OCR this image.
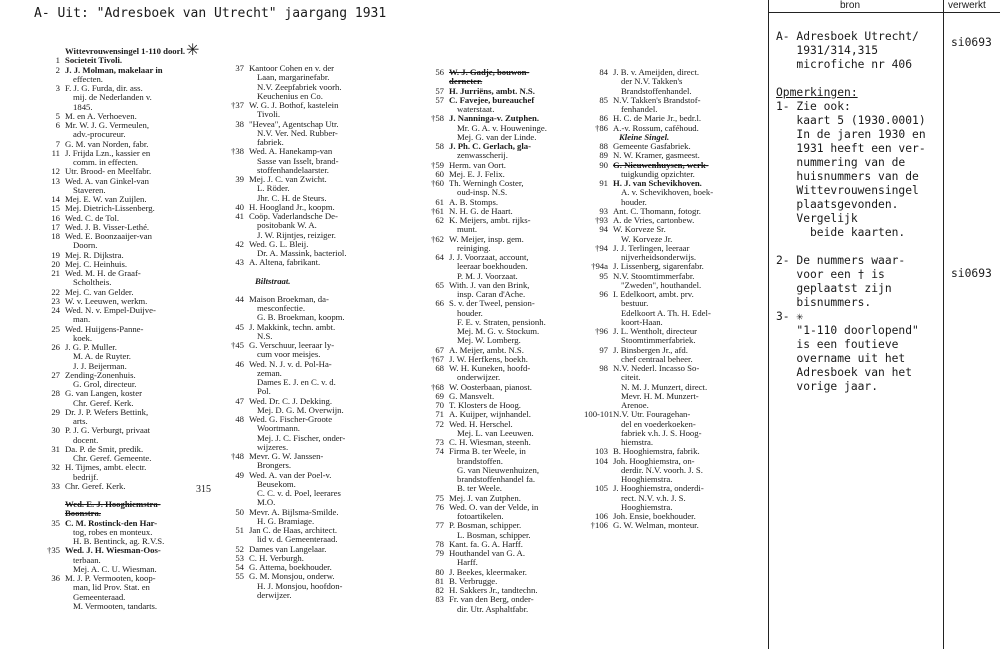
A- Uit: "Adresboek van Utrecht" jaargang 1931
✳
315
Wittevrouwensingel 1-110 doorl.
1 Societeit Tivoli.
2 J. J. Molman, makelaar in
effecten.
3 F. J. G. Furda, dir. ass.
mij. de Nederlanden v.
1845.
5 M. en A. Verhoeven.
6 Mr. W. J. G. Vermeulen,
adv.-procureur.
7 G. M. van Norden, fabr.
11 J. Frijda Lzn., kassier en
comm. in effecten.
12 Utr. Brood- en Meelfabr.
13 Wed. A. van Ginkel-van
Staveren.
14 Mej. E. W. van Zuijlen.
15 Mej. Dietrich-Lissenberg.
16 Wed. C. de Tol.
17 Wed. J. B. Visser-Lethé.
18 Wed. E. Boonzaaijer-van
Doorn.
19 Mej. R. Dijkstra.
20 Mej. C. Heinhuis.
21 Wed. M. H. de Graaf-
Scholtheis.
22 Mej. C. van Gelder.
23 W. v. Leeuwen, werkm.
24 Wed. N. v. Empel-Duijve-
man.
25 Wed. Huijgens-Panne-
koek.
26 J. G. P. Muller.
M. A. de Ruyter.
J. J. Beijerman.
27 Zending-Zonenhuis.
G. Grol, directeur.
28 G. van Langen, koster
Chr. Geref. Kerk.
29 Dr. J. P. Wefers Bettink,
arts.
30 P. J. G. Verburgt, privaat
docent.
31 Da. P. de Smit, predik.
Chr. Geref. Gemeente.
32 H. Tijmes, ambt. electr.
bedrijf.
33 Chr. Geref. Kerk.
Wed. E. J. Hooghiemstra-
Boonstra.
35 C. M. Rostinck-den Har-
tog, robes en monteux.
H. B. Bentinck, ag. R.V.S.
†35 Wed. J. H. Wiesman-Oos-
terbaan.
Mej. A. C. U. Wiesman.
36 M. J. P. Vermooten, koop-
man, lid Prov. Stat. en
Gemeenteraad.
M. Vermooten, tandarts.
37 Kantoor Cohen en v. der
Laan, margarinefabr.
N.V. Zeepfabriek voorh.
Keuchenius en Co.
†37 W. G. J. Bothof, kastelein
Tivoli.
38 "Hevea", Agentschap Utr.
N.V. Ver. Ned. Rubber-
fabriek.
†38 Wed. A. Hanekamp-van
Sasse van Isselt, brand-
stoffenhandelaarster.
39 Mej. J. C. van Zwicht.
L. Röder.
Jhr. C. H. de Steurs.
40 H. Hoogland Jr., koopm.
41 Coöp. Vaderlandsche De-
positobank W. A.
J. W. Rijntjes, reiziger.
42 Wed. G. L. Bleij.
Dr. A. Massink, bacteriol.
43 A. Altena, fabrikant.
Biltstraat.
44 Maison Broekman, da-
mesconfectie.
G. B. Broekman, koopm.
45 J. Makkink, techn. ambt.
N.S.
†45 G. Verschuur, leeraar ly-
cum voor meisjes.
46 Wed. N. J. v. d. Pol-Ha-
zeman.
Dames E. J. en C. v. d.
Pol.
47 Wed. Dr. C. J. Dekking.
Mej. D. G. M. Overwijn.
48 Wed. G. Fischer-Groote
Woortmann.
Mej. J. C. Fischer, onder-
wijzeres.
†48 Mevr. G. W. Janssen-
Brongers.
49 Wed. A. van der Poel-v.
Beusekom.
C. C. v. d. Poel, leerares
M.O.
50 Mevr. A. Bijlsma-Smilde.
H. G. Bramiage.
51 Jan C. de Haas, architect.
lid v. d. Gemeenteraad.
52 Dames van Langelaar.
53 C. H. Verburgh.
54 G. Attema, boekhouder.
55 G. M. Monsjou, onderw.
H. J. Monsjou, hoofdon-
derwijzer.
56 W. J. Gadje, bouwon-
derneter.
57 H. Jurriëns, ambt. N.S.
57 C. Favejee, bureauchef
waterstaat.
†58 J. Nanninga-v. Zutphen.
Mr. G. A. v. Houweninge.
Mej. G. van der Linde.
58 J. Ph. C. Gerlach, gla-
zenwasscherij.
†59 Herm. van Oort.
60 Mej. E. J. Felix.
†60 Th. Werningh Coster,
oud-insp. N.S.
61 A. B. Stomps.
†61 N. H. G. de Haart.
62 K. Meijers, ambt. rijks-
munt.
†62 W. Meijer, insp. gem.
reiniging.
64 J. J. Voorzaat, account,
leeraar boekhouden.
P. M. J. Voorzaat.
65 With. J. van den Brink,
insp. Caran d'Ache.
66 S. v. der Tweel, pension-
houder.
F. E. v. Straten, pensionh.
Mej. M. G. v. Stockum.
Mej. W. Lomberg.
67 A. Meijer, ambt. N.S.
†67 J. W. Herfkens, boekh.
68 W. H. Kuneken, hoofd-
onderwijzer.
†68 W. Oosterbaan, pianost.
69 G. Mansvelt.
70 T. Klosters de Hoog.
71 A. Kuijper, wijnhandel.
72 Wed. H. Herschel.
Mej. L. van Leeuwen.
73 C. H. Wiesman, steenh.
74 Firma B. ter Weele, in
brandstoffen.
G. van Nieuwenhuizen,
brandstoffenhandel fa.
B. ter Weele.
75 Mej. J. van Zutphen.
76 Wed. O. van der Velde, in
fotoartikelen.
77 P. Bosman, schipper.
L. Bosman, schipper.
78 Kant. fa. G. A. Harff.
79 Houthandel van G. A.
Harff.
80 J. Beekes, kleermaker.
81 B. Verbrugge.
82 H. Sakkers Jr., tandtechn.
83 Fr. van den Berg, onder-
dir. Utr. Asphaltfabr.
84 J. B. v. Ameijden, direct.
der N.V. Takken's
Brandstoffenhandel.
85 N.V. Takken's Brandstof-
fenhandel.
86 H. C. de Marie Jr., bedr.l.
†86 A.-v. Rossum, caféhoud.
Kleine Singel.
88 Gemeente Gasfabriek.
89 N. W. Kramer, gasmeest.
90 G. Nieuwenhuysen, werk-
tuigkundig opzichter.
91 H. J. van Schevikhoven.
A. v. Schevikhoven, boek-
houder.
93 Ant. C. Thomann, fotogr.
†93 A. de Vries, cartonbew.
94 W. Korveze Sr.
W. Korveze Jr.
†94 J. J. Terlingen, leeraar
nijverheidsonderwijs.
†94a J. Lissenberg, sigarenfabr.
95 N.V. Stoomtimmerfabr.
"Zweden", houthandel.
96 I. Edelkoort, ambt. prv.
bestuur.
Edelkoort A. Th. H. Edel-
koort-Haan.
†96 J. L. Wentholt, directeur
Stoomtimmerfabriek.
97 J. Binsbergen Jr., afd.
chef centraal beheer.
98 N.V. Nederl. Incasso So-
citeit.
N. M. J. Munzert, direct.
Mevr. H. M. Munzert-
Arenoe.
100-101 N.V. Utr. Fouragehan-
del en voederkoeken-
fabriek v.h. J. S. Hoog-
hiemstra.
103 B. Hooghiemstra, fabrik.
104 Joh. Hooghiemstra, on-
derdir. N.V. voorh. J. S.
Hooghiemstra.
105 J. Hooghiemstra, onderdi-
rect. N.V. v.h. J. S.
Hooghiemstra.
106 Joh. Ensie, boekhouder.
†106 G. W. Welman, monteur.
bron	verwerkt
A- Adresboek Utrecht/
1931/314,315
microfiche nr 406

Opmerkingen:
1- Zie ook:
kaart 5 (1930.0001)
In de jaren 1930 en
1931 heeft een ver-
nummering van de
huisnummers van de
Wittevrouwensingel
plaatsgevonden.
Vergelijk
beide kaarten.

2- De nummers waar-
voor een † is
geplaatst zijn
bisnummers.
3- ✳
"1-110 doorlopend"
is een foutieve
overname uit het
Adresboek van het
vorige jaar.
si0693
si0693
